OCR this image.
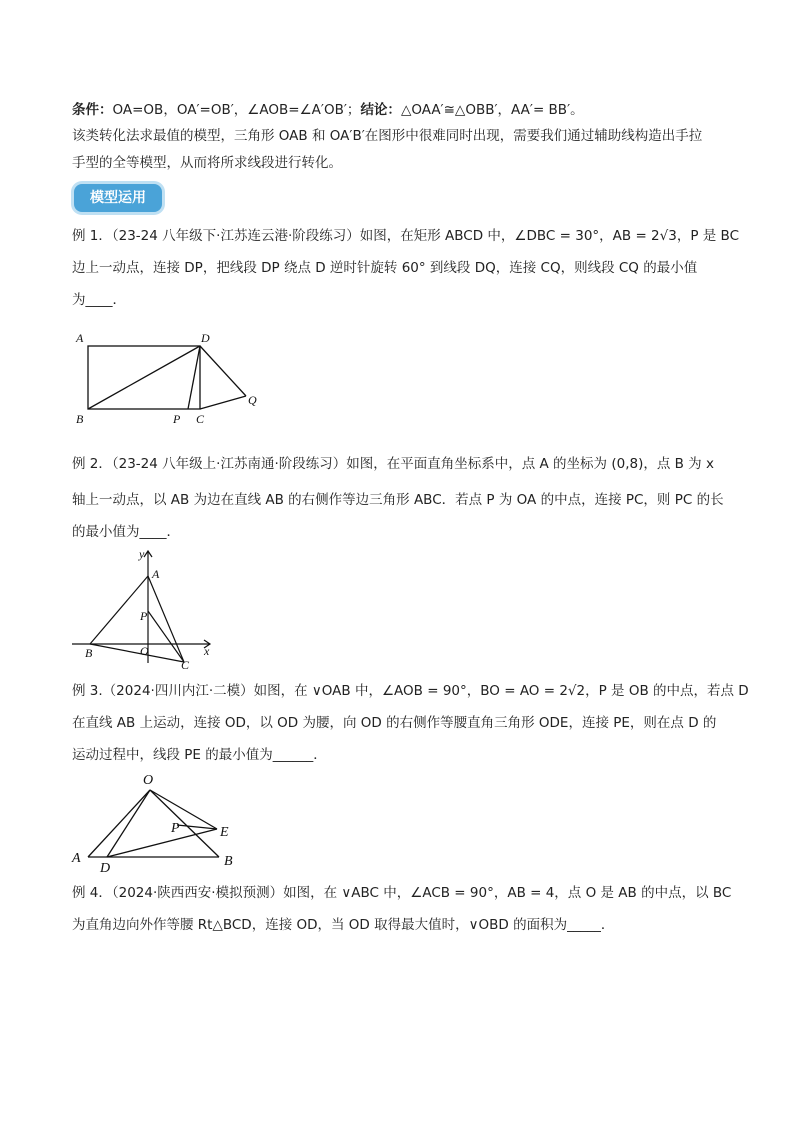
条件：OA=OB，OA′=OB′，∠AOB=∠A′OB′；结论：△OAA′≅△OBB′，AA′= BB′。
该类转化法求最值的模型，三角形 OAB 和 OA′B′在图形中很难同时出现，需要我们通过辅助线构造出手拉
手型的全等模型，从而将所求线段进行转化。
模型运用
例 1．（23-24 八年级下·江苏连云港·阶段练习）如图，在矩形 ABCD 中，∠DBC = 30°，AB = 2√3，P 是 BC
边上一动点，连接 DP，把线段 DP 绕点 D 逆时针旋转 60° 到线段 DQ，连接 CQ，则线段 CQ 的最小值
为____．
A	D
B	P C
Q
例 2．（23-24 八年级上·江苏南通·阶段练习）如图，在平面直角坐标系中，点 A 的坐标为 (0,8)，点 B 为 x
轴上一动点，以 AB 为边在直线 AB 的右侧作等边三角形 ABC．若点 P 为 OA 的中点，连接 PC，则 PC 的长
的最小值为____．
y
A
P
B	O
C
x
例 3.（2024·四川内江·二模）如图，在 ∨OAB 中，∠AOB = 90°，BO = AO = 2√2，P 是 OB 的中点，若点 D
在直线 AB 上运动，连接 OD，以 OD 为腰，向 OD 的右侧作等腰直角三角形 ODE，连接 PE，则在点 D 的
运动过程中，线段 PE 的最小值为______．
O
P	E
A
D	B
例 4．（2024·陕西西安·模拟预测）如图，在 ∨ABC 中，∠ACB = 90°，AB = 4，点 O 是 AB 的中点，以 BC
为直角边向外作等腰 Rt△BCD，连接 OD，当 OD 取得最大值时，∨OBD 的面积为_____．
